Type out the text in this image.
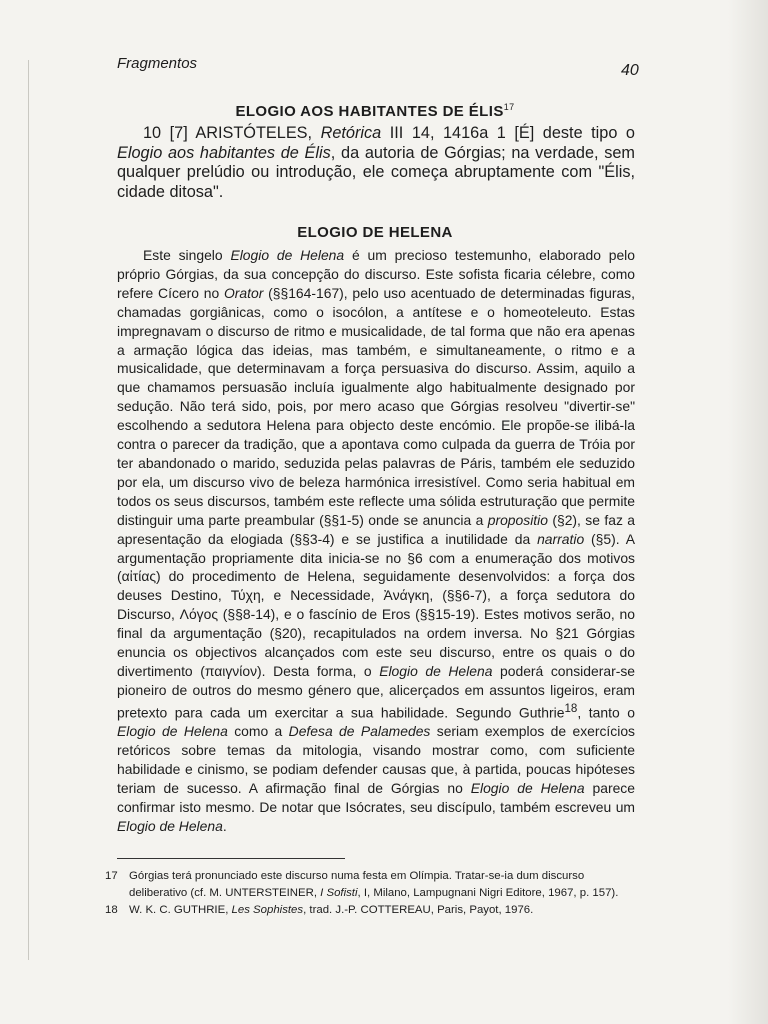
Fragmentos	40
ELOGIO AOS HABITANTES DE ÉLIS$^{17}$
10 [7] ARISTÓTELES, Retórica III 14, 1416a 1 [É] deste tipo o Elogio aos habitantes de Élis, da autoria de Górgias; na verdade, sem qualquer prelúdio ou introdução, ele começa abruptamente com "Élis, cidade ditosa".
ELOGIO DE HELENA
Este singelo Elogio de Helena é um precioso testemunho, elaborado pelo próprio Górgias, da sua concepção do discurso. Este sofista ficaria célebre, como refere Cícero no Orator (§§164-167), pelo uso acentuado de determinadas figuras, chamadas gorgiânicas, como o isocólon, a antítese e o homeoteleuto. Estas impregnavam o discurso de ritmo e musicalidade, de tal forma que não era apenas a armação lógica das ideias, mas também, e simultaneamente, o ritmo e a musicalidade, que determinavam a força persuasiva do discurso. Assim, aquilo a que chamamos persuasão incluía igualmente algo habitualmente designado por sedução. Não terá sido, pois, por mero acaso que Górgias resolveu "divertir-se" escolhendo a sedutora Helena para objecto deste encómio. Ele propõe-se ilibá-la contra o parecer da tradição, que a apontava como culpada da guerra de Tróia por ter abandonado o marido, seduzida pelas palavras de Páris, também ele seduzido por ela, um discurso vivo de beleza harmónica irresistível. Como seria habitual em todos os seus discursos, também este reflecte uma sólida estruturação que permite distinguir uma parte preambular (§§1-5) onde se anuncia a propositio (§2), se faz a apresentação da elogiada (§§3-4) e se justifica a inutilidade da narratio (§5). A argumentação propriamente dita inicia-se no §6 com a enumeração dos motivos (αἰτίας) do procedimento de Helena, seguidamente desenvolvidos: a força dos deuses Destino, Τύχη, e Necessidade, Ἀνάγκη, (§§6-7), a força sedutora do Discurso, Λόγος (§§8-14), e o fascínio de Eros (§§15-19). Estes motivos serão, no final da argumentação (§20), recapitulados na ordem inversa. No §21 Górgias enuncia os objectivos alcançados com este seu discurso, entre os quais o do divertimento (παιγνίον). Desta forma, o Elogio de Helena poderá considerar-se pioneiro de outros do mesmo género que, alicerçados em assuntos ligeiros, eram pretexto para cada um exercitar a sua habilidade. Segundo Guthrie$^{18}$, tanto o Elogio de Helena como a Defesa de Palamedes seriam exemplos de exercícios retóricos sobre temas da mitologia, visando mostrar como, com suficiente habilidade e cinismo, se podiam defender causas que, à partida, poucas hipóteses teriam de sucesso. A afirmação final de Górgias no Elogio de Helena parece confirmar isto mesmo. De notar que Isócrates, seu discípulo, também escreveu um Elogio de Helena.
17 Górgias terá pronunciado este discurso numa festa em Olímpia. Tratar-se-ia dum discurso deliberativo (cf. M. UNTERSTEINER, I Sofisti, I, Milano, Lampugnani Nigri Editore, 1967, p. 157).
18 W. K. C. GUTHRIE, Les Sophistes, trad. J.-P. COTTEREAU, Paris, Payot, 1976.
